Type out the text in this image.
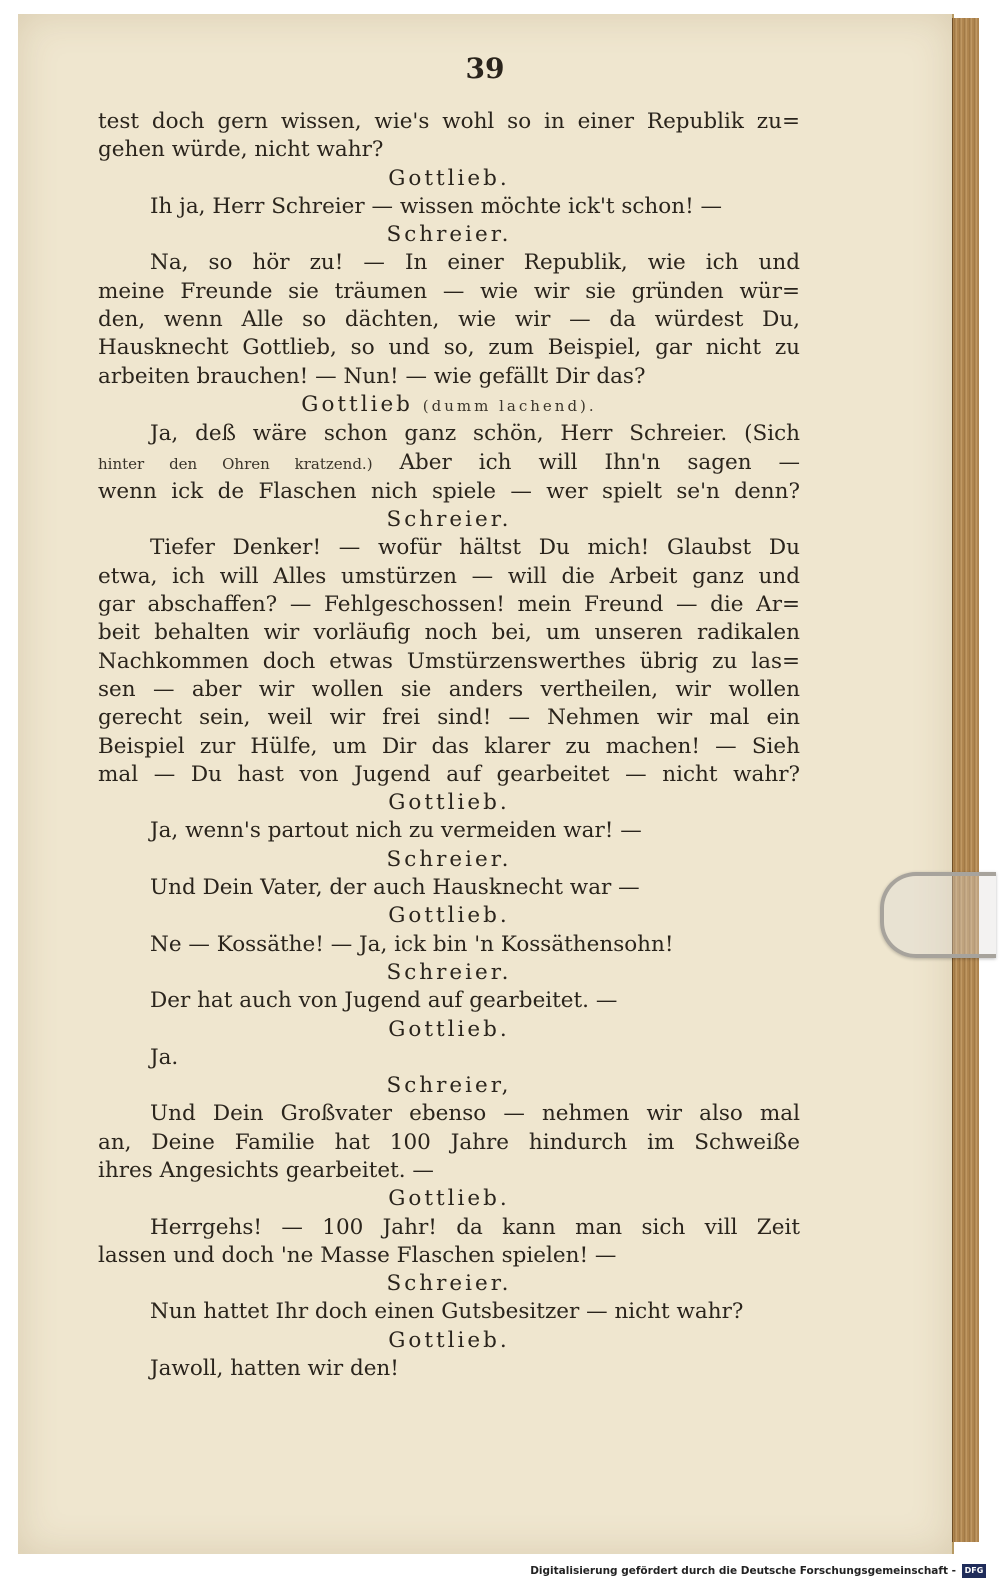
39
test doch gern wissen, wie's wohl so in einer Republik zu=
gehen würde, nicht wahr?
Gottlieb.
Ih ja, Herr Schreier — wissen möchte ick't schon! —
Schreier.
Na, so hör zu! — In einer Republik, wie ich und
meine Freunde sie träumen — wie wir sie gründen wür=
den, wenn Alle so dächten, wie wir — da würdest Du,
Hausknecht Gottlieb, so und so, zum Beispiel, gar nicht zu
arbeiten brauchen! — Nun! — wie gefällt Dir das?
Gottlieb (dumm lachend).
Ja, deß wäre schon ganz schön, Herr Schreier. (Sich
hinter den Ohren kratzend.) Aber ich will Ihn'n sagen —
wenn ick de Flaschen nich spiele — wer spielt se'n denn?
Schreier.
Tiefer Denker! — wofür hältst Du mich! Glaubst Du
etwa, ich will Alles umstürzen — will die Arbeit ganz und
gar abschaffen? — Fehlgeschossen! mein Freund — die Ar=
beit behalten wir vorläufig noch bei, um unseren radikalen
Nachkommen doch etwas Umstürzenswerthes übrig zu las=
sen — aber wir wollen sie anders vertheilen, wir wollen
gerecht sein, weil wir frei sind! — Nehmen wir mal ein
Beispiel zur Hülfe, um Dir das klarer zu machen! — Sieh
mal — Du hast von Jugend auf gearbeitet — nicht wahr?
Gottlieb.
Ja, wenn's partout nich zu vermeiden war! —
Schreier.
Und Dein Vater, der auch Hausknecht war —
Gottlieb.
Ne — Kossäthe! — Ja, ick bin 'n Kossäthensohn!
Schreier.
Der hat auch von Jugend auf gearbeitet. —
Gottlieb.
Ja.
Schreier,
Und Dein Großvater ebenso — nehmen wir also mal
an, Deine Familie hat 100 Jahre hindurch im Schweiße
ihres Angesichts gearbeitet. —
Gottlieb.
Herrgehs! — 100 Jahr! da kann man sich vill Zeit
lassen und doch 'ne Masse Flaschen spielen! —
Schreier.
Nun hattet Ihr doch einen Gutsbesitzer — nicht wahr?
Gottlieb.
Jawoll, hatten wir den!
Digitalisierung gefördert durch die Deutsche Forschungsgemeinschaft -	DFG
